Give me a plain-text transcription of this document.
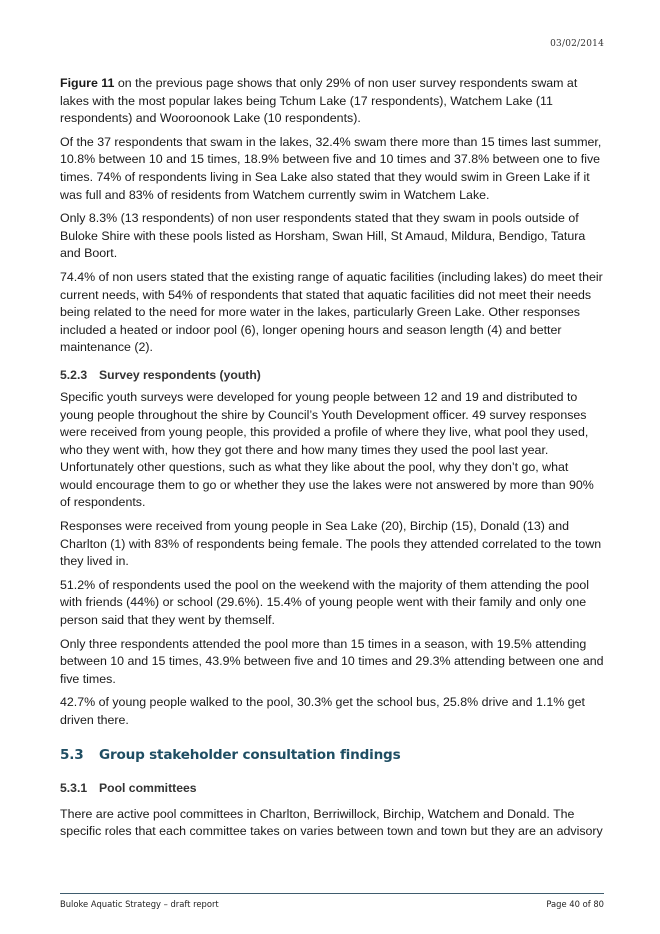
03/02/2014

Figure 11 on the previous page shows that only 29% of non user survey respondents swam at lakes with the most popular lakes being Tchum Lake (17 respondents), Watchem Lake (11 respondents) and Wooroonook Lake (10 respondents).

Of the 37 respondents that swam in the lakes, 32.4% swam there more than 15 times last summer, 10.8% between 10 and 15 times, 18.9% between five and 10 times and 37.8% between one to five times. 74% of respondents living in Sea Lake also stated that they would swim in Green Lake if it was full and 83% of residents from Watchem currently swim in Watchem Lake.

Only 8.3% (13 respondents) of non user respondents stated that they swam in pools outside of Buloke Shire with these pools listed as Horsham, Swan Hill, St Amaud, Mildura, Bendigo, Tatura and Boort.

74.4% of non users stated that the existing range of aquatic facilities (including lakes) do meet their current needs, with 54% of respondents that stated that aquatic facilities did not meet their needs being related to the need for more water in the lakes, particularly Green Lake. Other responses included a heated or indoor pool (6), longer opening hours and season length (4) and better maintenance (2).

5.2.3 Survey respondents (youth)

Specific youth surveys were developed for young people between 12 and 19 and distributed to young people throughout the shire by Council’s Youth Development officer. 49 survey responses were received from young people, this provided a profile of where they live, what pool they used, who they went with, how they got there and how many times they used the pool last year. Unfortunately other questions, such as what they like about the pool, why they don’t go, what would encourage them to go or whether they use the lakes were not answered by more than 90% of respondents.

Responses were received from young people in Sea Lake (20), Birchip (15), Donald (13) and Charlton (1) with 83% of respondents being female. The pools they attended correlated to the town they lived in.

51.2% of respondents used the pool on the weekend with the majority of them attending the pool with friends (44%) or school (29.6%). 15.4% of young people went with their family and only one person said that they went by themself.

Only three respondents attended the pool more than 15 times in a season, with 19.5% attending between 10 and 15 times, 43.9% between five and 10 times and 29.3% attending between one and five times.

42.7% of young people walked to the pool, 30.3% get the school bus, 25.8% drive and 1.1% get driven there.

5.3 Group stakeholder consultation findings
5.3.1 Pool committees

There are active pool committees in Charlton, Berriwillock, Birchip, Watchem and Donald. The specific roles that each committee takes on varies between town and town but they are an advisory

Buloke Aquatic Strategy – draft report	Page 40 of 80
